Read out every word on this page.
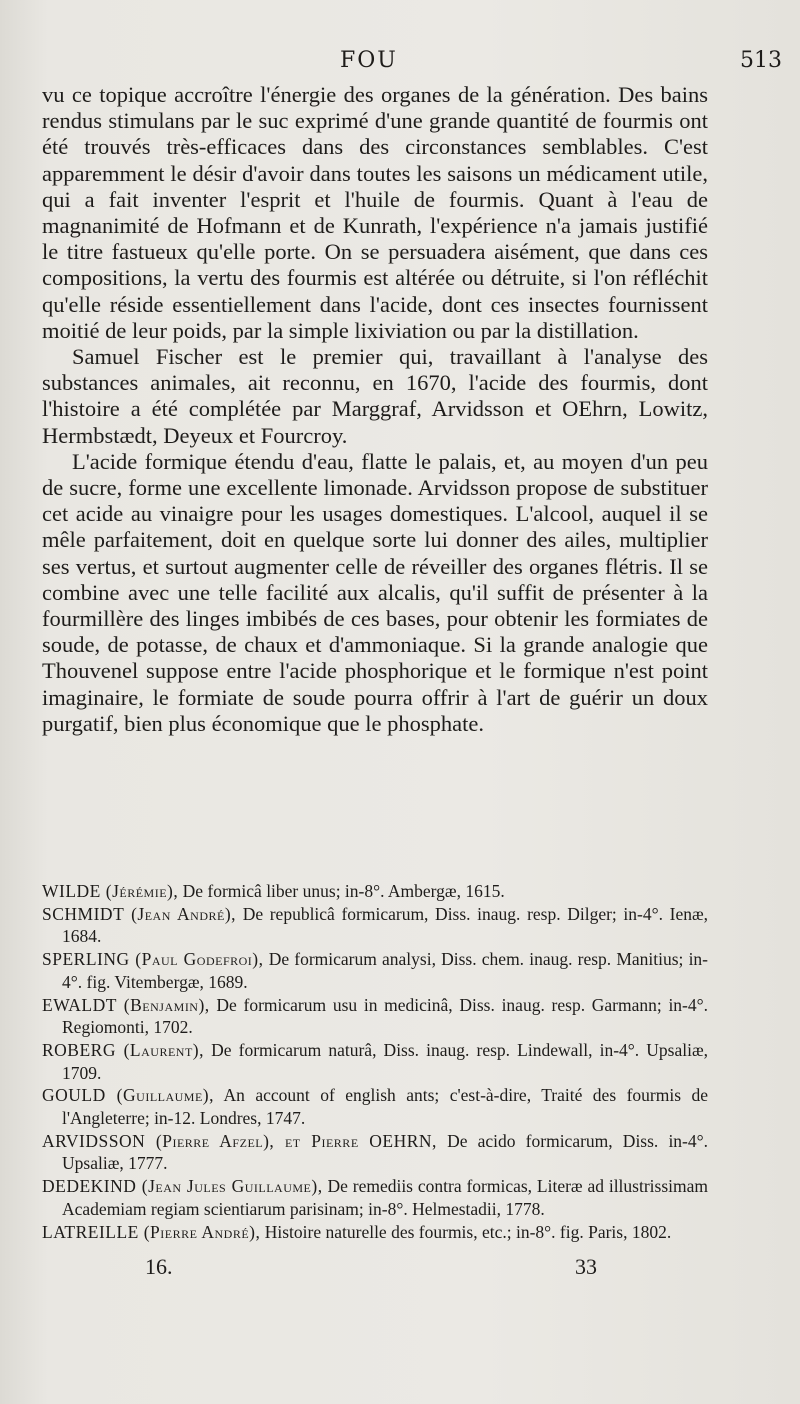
FOU	513

vu ce topique accroître l'énergie des organes de la génération. Des bains rendus stimulans par le suc exprimé d'une grande quantité de fourmis ont été trouvés très-efficaces dans des circonstances semblables. C'est apparemment le désir d'avoir dans toutes les saisons un médicament utile, qui a fait inventer l'esprit et l'huile de fourmis. Quant à l'eau de magnanimité de Hofmann et de Kunrath, l'expérience n'a jamais justifié le titre fastueux qu'elle porte. On se persuadera aisément, que dans ces compositions, la vertu des fourmis est altérée ou détruite, si l'on réfléchit qu'elle réside essentiellement dans l'acide, dont ces insectes fournissent moitié de leur poids, par la simple lixiviation ou par la distillation.

Samuel Fischer est le premier qui, travaillant à l'analyse des substances animales, ait reconnu, en 1670, l'acide des fourmis, dont l'histoire a été complétée par Marggraf, Arvidsson et OEhrn, Lowitz, Hermbstædt, Deyeux et Fourcroy.

L'acide formique étendu d'eau, flatte le palais, et, au moyen d'un peu de sucre, forme une excellente limonade. Arvidsson propose de substituer cet acide au vinaigre pour les usages domestiques. L'alcool, auquel il se mêle parfaitement, doit en quelque sorte lui donner des ailes, multiplier ses vertus, et surtout augmenter celle de réveiller des organes flétris. Il se combine avec une telle facilité aux alcalis, qu'il suffit de présenter à la fourmillère des linges imbibés de ces bases, pour obtenir les formiates de soude, de potasse, de chaux et d'ammoniaque. Si la grande analogie que Thouvenel suppose entre l'acide phosphorique et le formique n'est point imaginaire, le formiate de soude pourra offrir à l'art de guérir un doux purgatif, bien plus économique que le phosphate.

WILDE (Jérémie), De formicâ liber unus; in-8°. Ambergæ, 1615.
SCHMIDT (Jean André), De republicâ formicarum, Diss. inaug. resp. Dilger; in-4°. Ienæ, 1684.
SPERLING (Paul Godefroi), De formicarum analysi, Diss. chem. inaug. resp. Manitius; in-4°. fig. Vitembergæ, 1689.
EWALDT (Benjamin), De formicarum usu in medicinâ, Diss. inaug. resp. Garmann; in-4°. Regiomonti, 1702.
ROBERG (Laurent), De formicarum naturâ, Diss. inaug. resp. Lindewall, in-4°. Upsaliæ, 1709.
GOULD (Guillaume), An account of english ants; c'est-à-dire, Traité des fourmis de l'Angleterre; in-12. Londres, 1747.
ARVIDSSON (Pierre Afzel), et Pierre OEHRN, De acido formicarum, Diss. in-4°. Upsaliæ, 1777.
DEDEKIND (Jean Jules Guillaume), De remediis contra formicas, Literæ ad illustrissimam Academiam regiam scientiarum parisinam; in-8°. Helmestadii, 1778.
LATREILLE (Pierre André), Histoire naturelle des fourmis, etc.; in-8°. fig. Paris, 1802.
16.	33
